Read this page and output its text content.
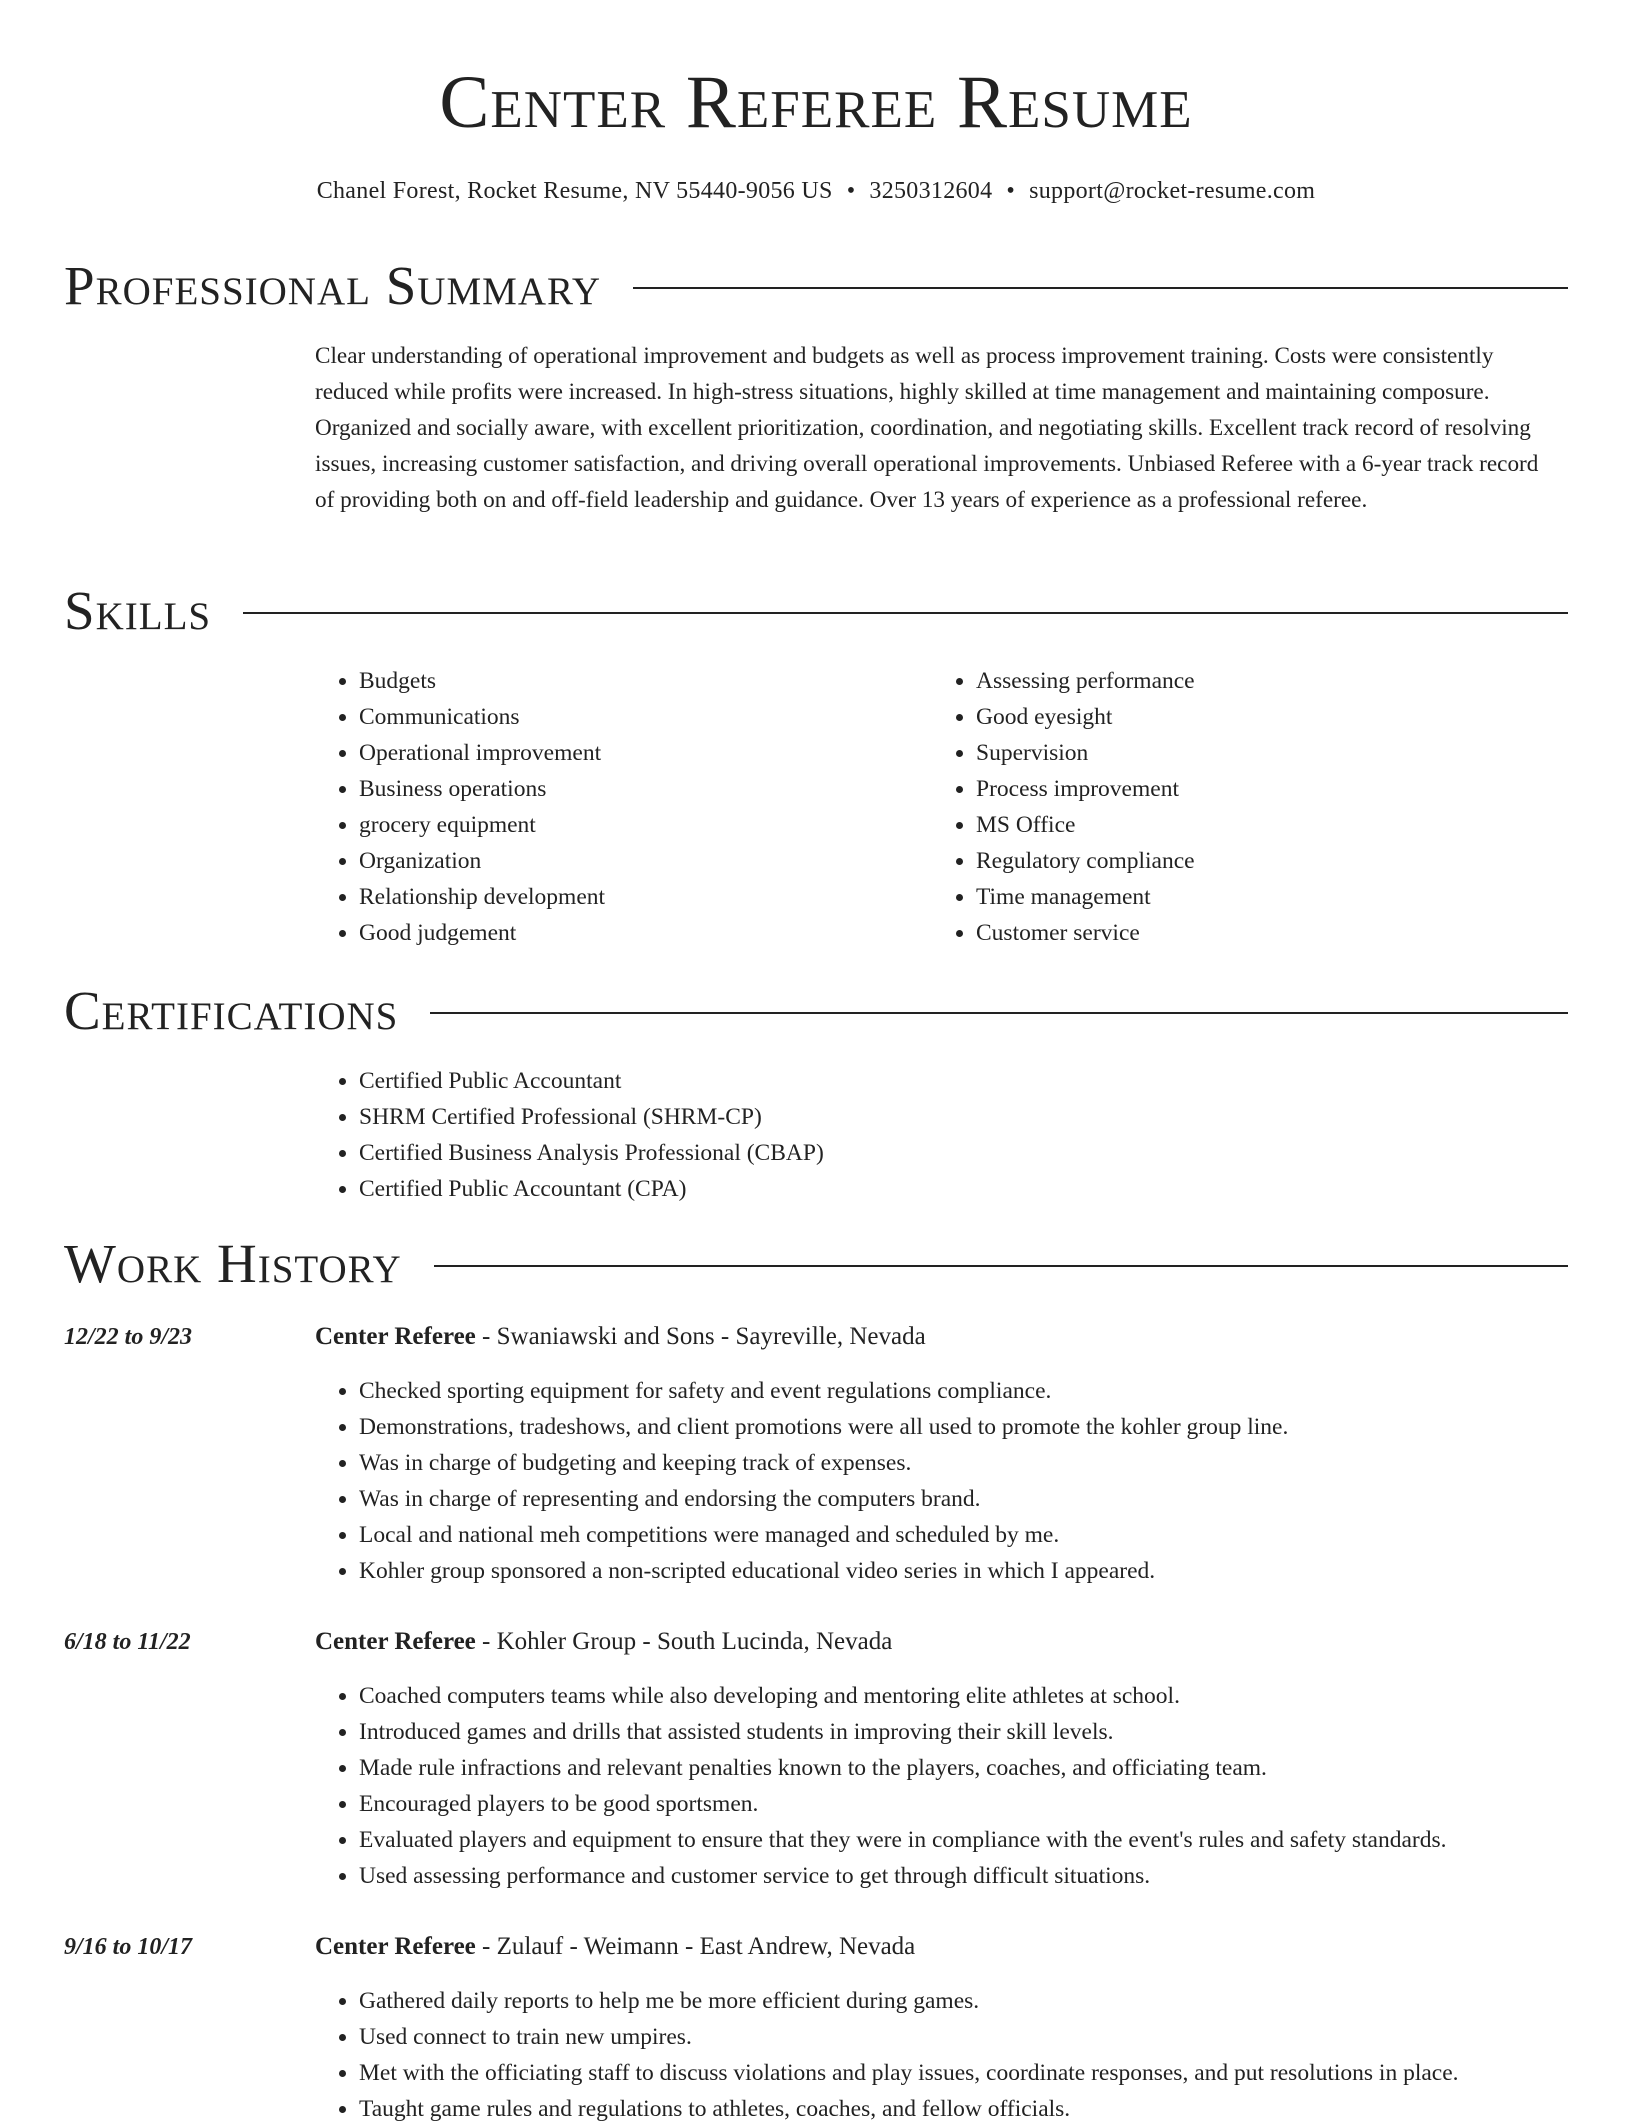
Center Referee Resume
Chanel Forest, Rocket Resume, NV 55440-9056 US • 3250312604 • support@rocket-resume.com
Professional Summary

Clear understanding of operational improvement and budgets as well as process improvement training. Costs were consistently reduced while profits were increased. In high-stress situations, highly skilled at time management and maintaining composure. Organized and socially aware, with excellent prioritization, coordination, and negotiating skills. Excellent track record of resolving issues, increasing customer satisfaction, and driving overall operational improvements. Unbiased Referee with a 6-year track record of providing both on and off-field leadership and guidance. Over 13 years of experience as a professional referee.

Skills
• Budgets
• Communications
• Operational improvement
• Business operations
• grocery equipment
• Organization
• Relationship development
• Good judgement
• Assessing performance
• Good eyesight
• Supervision
• Process improvement
• MS Office
• Regulatory compliance
• Time management
• Customer service
Certifications
• Certified Public Accountant
• SHRM Certified Professional (SHRM-CP)
• Certified Business Analysis Professional (CBAP)
• Certified Public Accountant (CPA)
Work History
12/22 to 9/23	Center Referee - Swaniawski and Sons - Sayreville, Nevada
• Checked sporting equipment for safety and event regulations compliance.
• Demonstrations, tradeshows, and client promotions were all used to promote the kohler group line.
• Was in charge of budgeting and keeping track of expenses.
• Was in charge of representing and endorsing the computers brand.
• Local and national meh competitions were managed and scheduled by me.
• Kohler group sponsored a non-scripted educational video series in which I appeared.
6/18 to 11/22	Center Referee - Kohler Group - South Lucinda, Nevada
• Coached computers teams while also developing and mentoring elite athletes at school.
• Introduced games and drills that assisted students in improving their skill levels.
• Made rule infractions and relevant penalties known to the players, coaches, and officiating team.
• Encouraged players to be good sportsmen.
• Evaluated players and equipment to ensure that they were in compliance with the event's rules and safety standards.
• Used assessing performance and customer service to get through difficult situations.
9/16 to 10/17	Center Referee - Zulauf - Weimann - East Andrew, Nevada
• Gathered daily reports to help me be more efficient during games.
• Used connect to train new umpires.
• Met with the officiating staff to discuss violations and play issues, coordinate responses, and put resolutions in place.
• Taught game rules and regulations to athletes, coaches, and fellow officials.
